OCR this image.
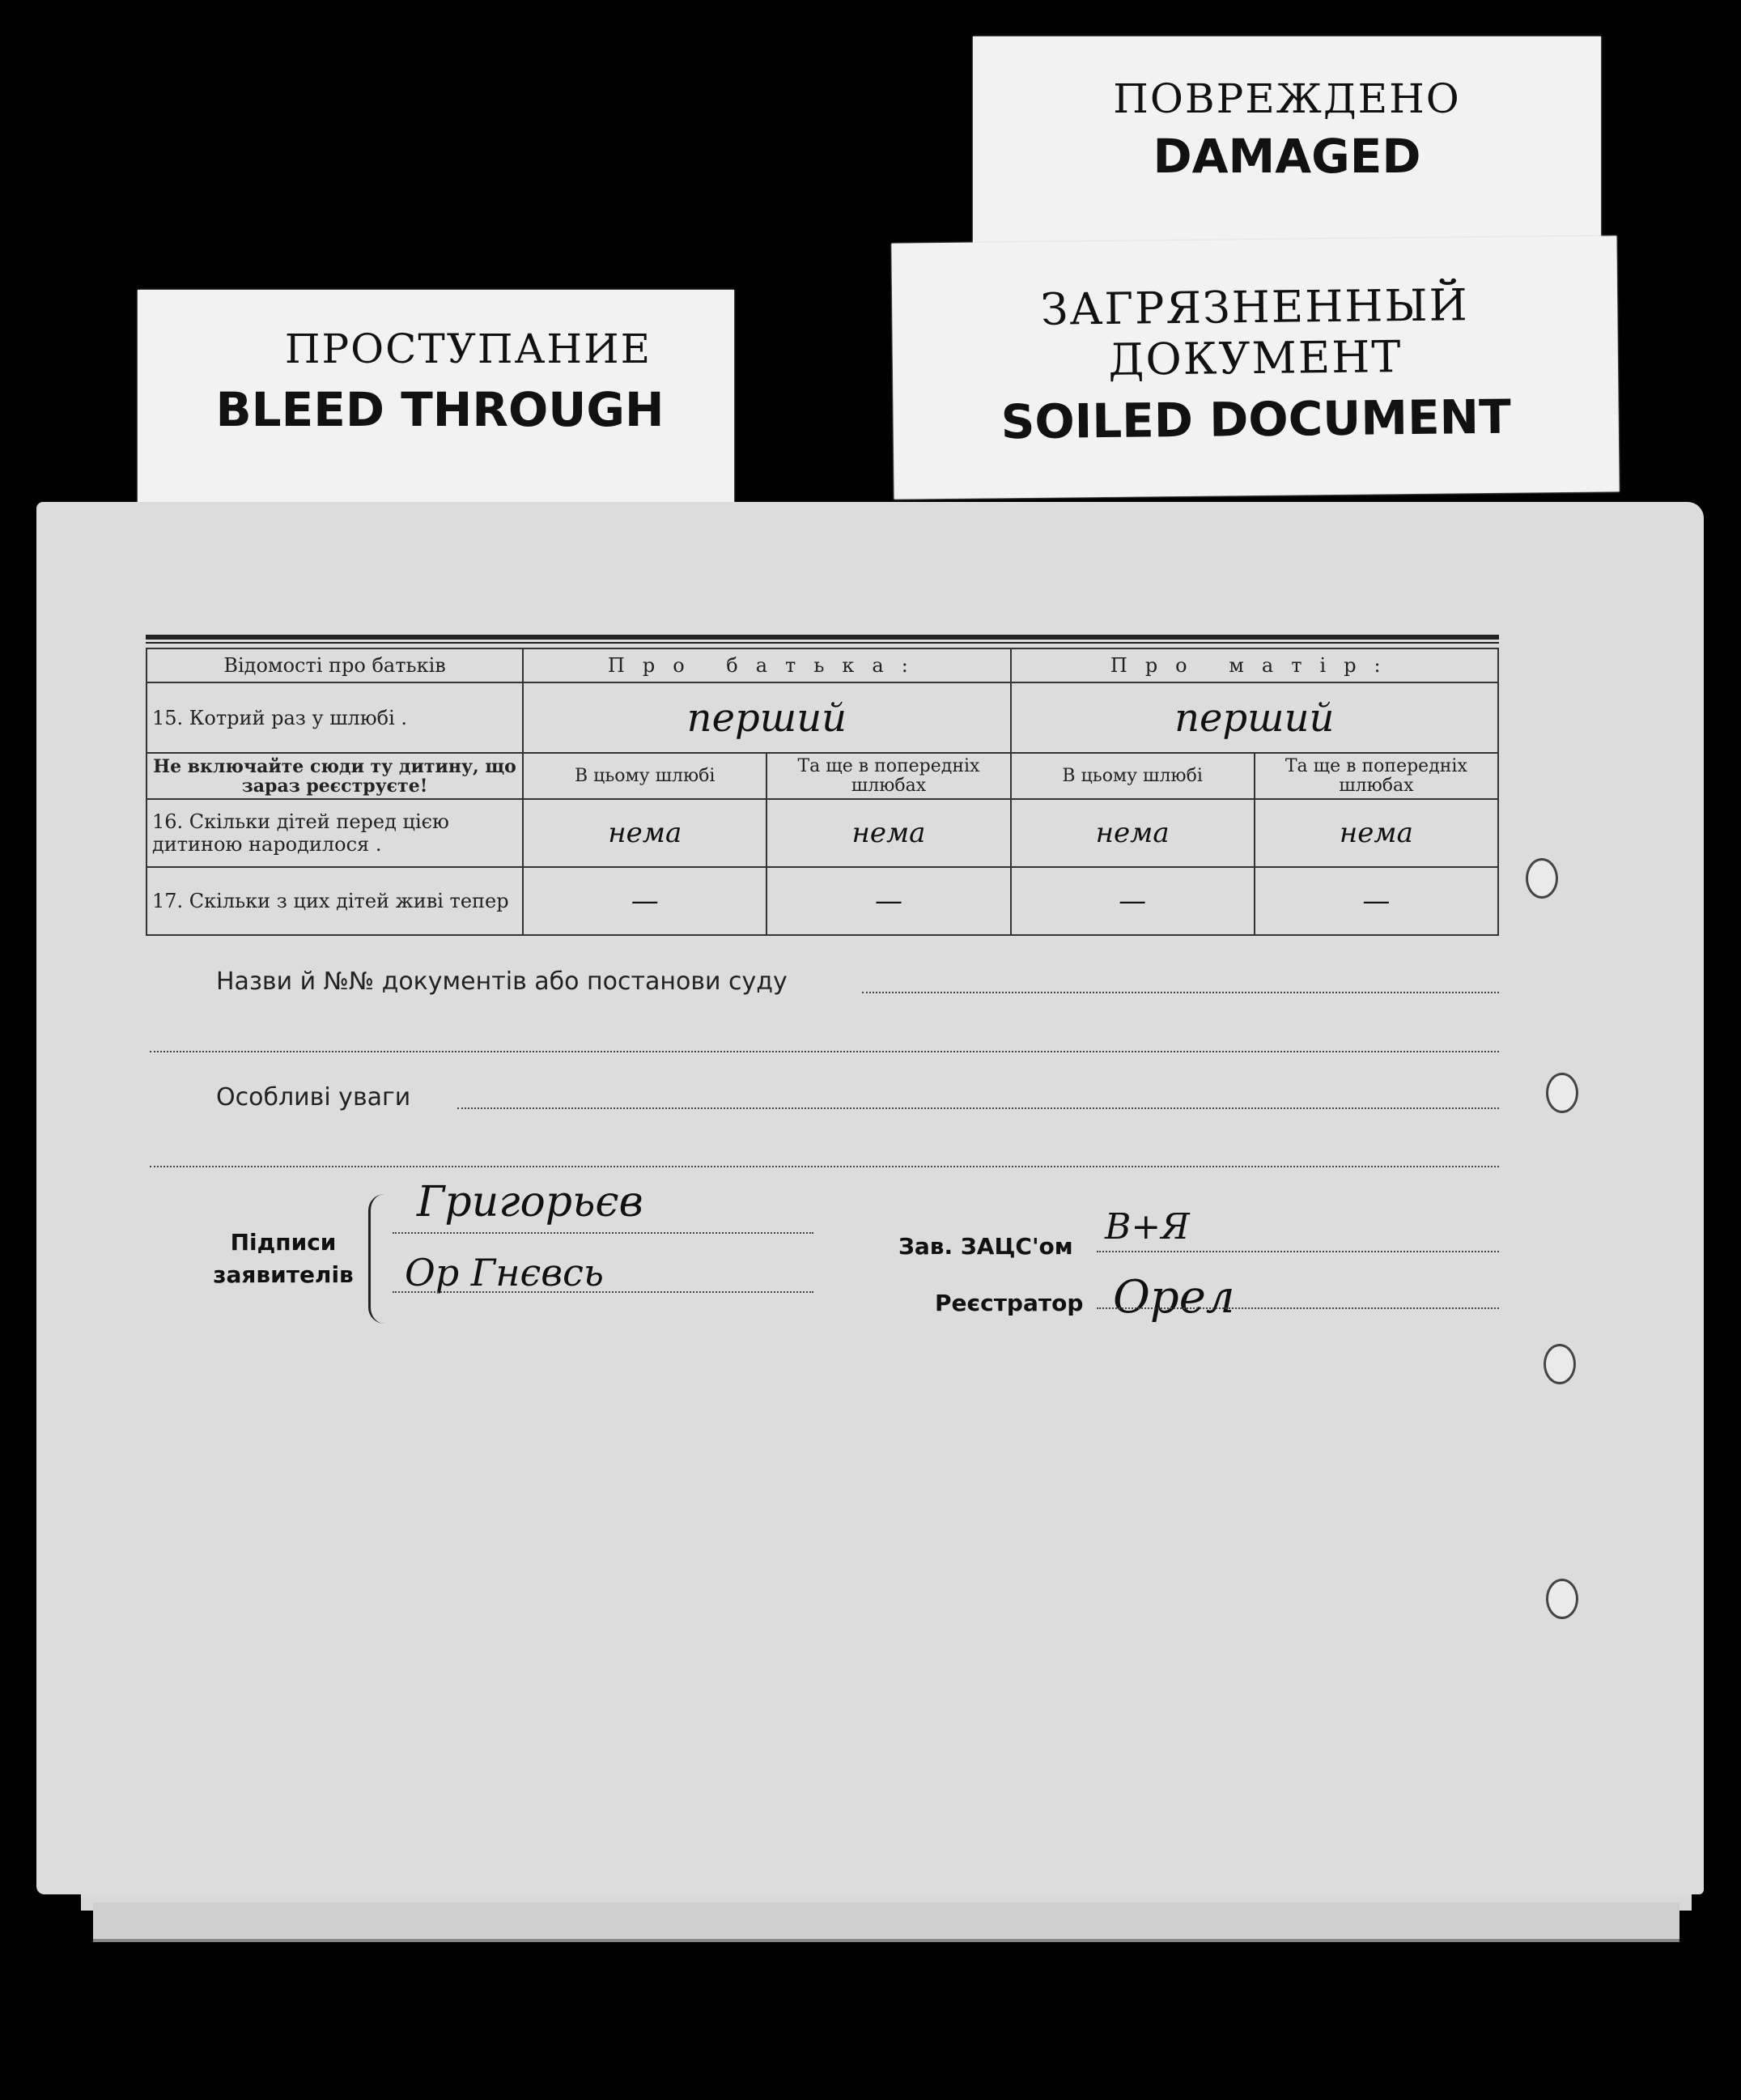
ПОВРЕЖДЕНО
DAMAGED
ЗАГРЯЗНЕННЫЙ ДОКУМЕНТ
SOILED DOCUMENT
ПРОСТУПАНИЕ
BLEED THROUGH
Відомості про батьків	Про батька:		Про матір:	
15. Котрий раз у шлюбі .	перший		перший	
Не включайте сюди ту дитину, що зараз реєструєте!	В цьому шлюбі	Та ще в попередніх шлюбах	В цьому шлюбі	Та ще в попередніх шлюбах
16. Скільки дітей перед цією дитиною народилося .	нема	нема	нема	нема
17. Скільки з цих дітей живі тепер	—	—	—	—
Назви й №№ документів або постанови суду
Особливі уваги
Підписи
заявителів
Григорьєв
Ор Гнєвсь
Зав. ЗАЦС'ом В+Я
Реєстратор Орел
